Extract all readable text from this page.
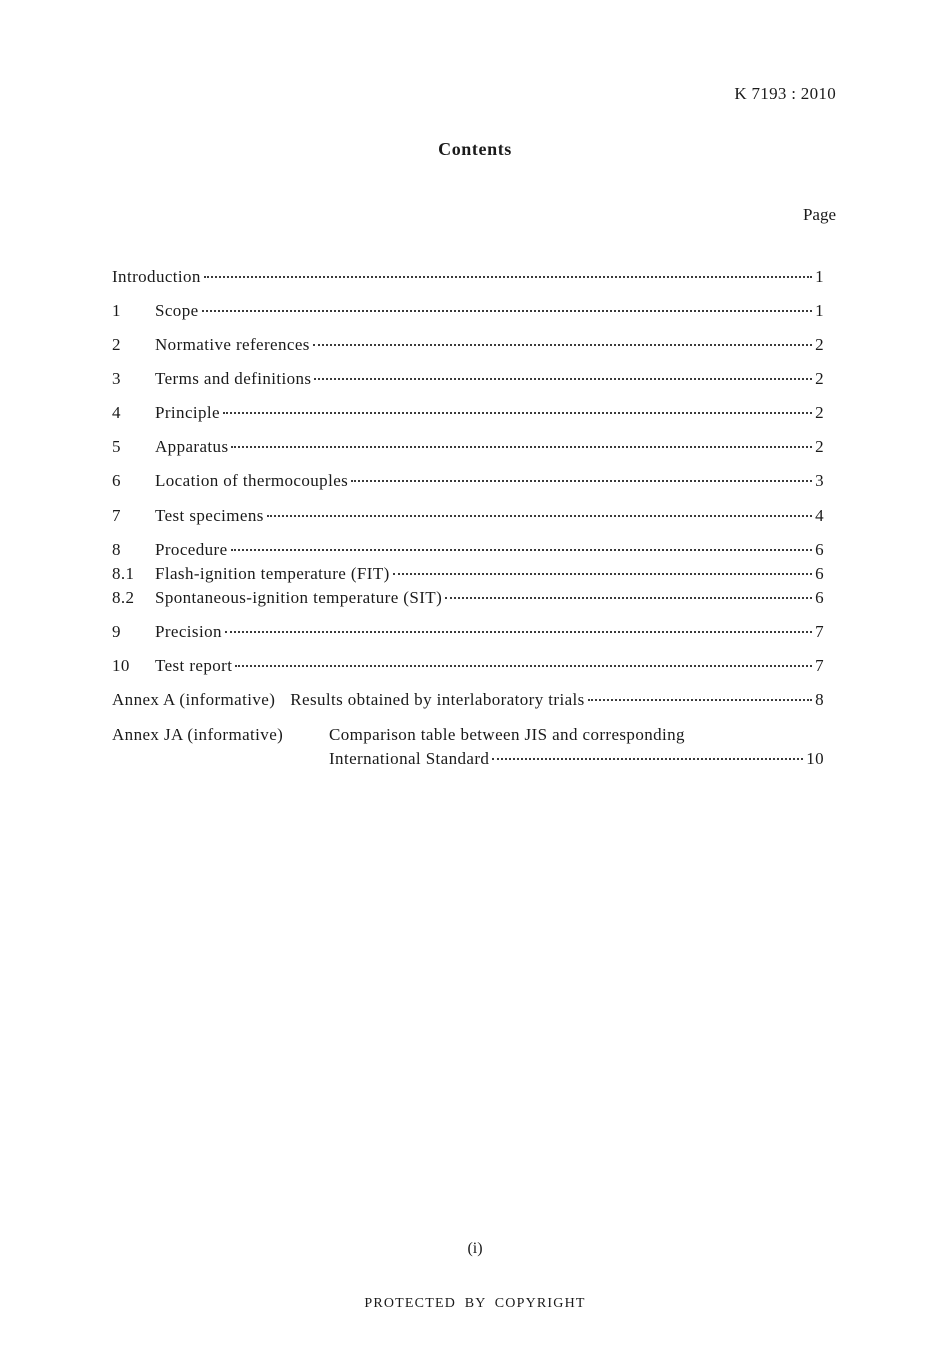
K 7193 : 2010
Contents
Page
Introduction	1
1	Scope	1
2	Normative references	2
3	Terms and definitions	2
4	Principle	2
5	Apparatus	2
6	Location of thermocouples	3
7	Test specimens	4
8	Procedure	6
8.1	Flash-ignition temperature (FIT)	6
8.2	Spontaneous-ignition temperature (SIT)	6
9	Precision	7
10	Test report	7
Annex A (informative) Results obtained by interlaboratory trials	8
Annex JA (informative)	Comparison table between JIS and corresponding
International Standard	10
(i)
PROTECTED BY COPYRIGHT
